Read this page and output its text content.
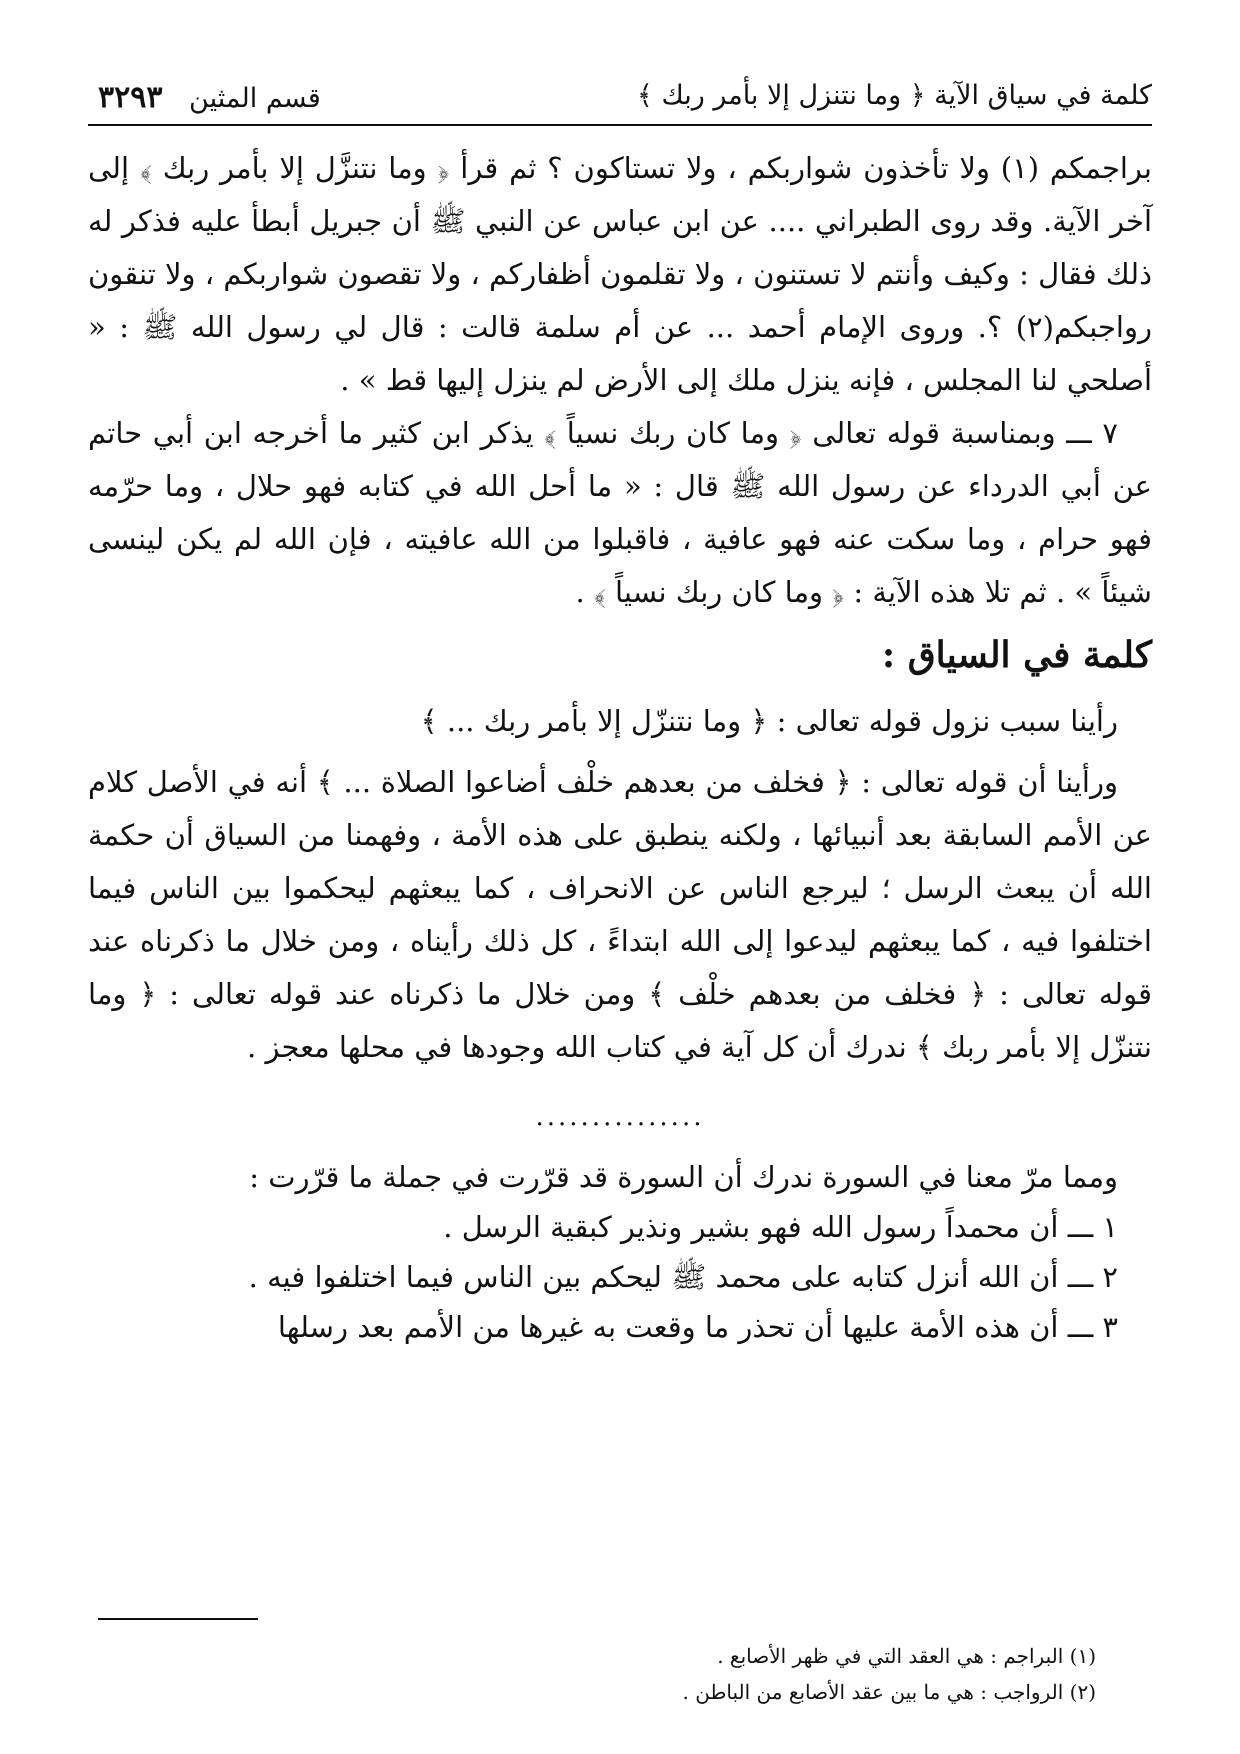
كلمة في سياق الآية ﴿ وما نتنزل إلا بأمر ربك ﴾
قسم المثين ٣٢٩٣

براجمكم (١) ولا تأخذون شواربكم ، ولا تستاكون ؟ ثم قرأ ﴿ وما نتنزَّل إلا بأمر ربك ﴾ إلى آخر الآية. وقد روى الطبراني .... عن ابن عباس عن النبي ﷺ أن جبريل أبطأ عليه فذكر له ذلك فقال : وكيف وأنتم لا تستنون ، ولا تقلمون أظفاركم ، ولا تقصون شواربكم ، ولا تنقون رواجبكم(٢) ؟. وروى الإمام أحمد ... عن أم سلمة قالت : قال لي رسول الله ﷺ : « أصلحي لنا المجلس ، فإنه ينزل ملك إلى الأرض لم ينزل إليها قط » .

٧ ـــ وبمناسبة قوله تعالى ﴿ وما كان ربك نسياً ﴾ يذكر ابن كثير ما أخرجه ابن أبي حاتم عن أبي الدرداء عن رسول الله ﷺ قال : « ما أحل الله في كتابه فهو حلال ، وما حرّمه فهو حرام ، وما سكت عنه فهو عافية ، فاقبلوا من الله عافيته ، فإن الله لم يكن لينسى شيئاً » . ثم تلا هذه الآية : ﴿ وما كان ربك نسياً ﴾ .

كلمة في السياق :

رأينا سبب نزول قوله تعالى : ﴿ وما نتنزّل إلا بأمر ربك ... ﴾

ورأينا أن قوله تعالى : ﴿ فخلف من بعدهم خلْف أضاعوا الصلاة ... ﴾ أنه في الأصل كلام عن الأمم السابقة بعد أنبيائها ، ولكنه ينطبق على هذه الأمة ، وفهمنا من السياق أن حكمة الله أن يبعث الرسل ؛ ليرجع الناس عن الانحراف ، كما يبعثهم ليحكموا بين الناس فيما اختلفوا فيه ، كما يبعثهم ليدعوا إلى الله ابتداءً ، كل ذلك رأيناه ، ومن خلال ما ذكرناه عند قوله تعالى : ﴿ فخلف من بعدهم خلْف ﴾ ومن خلال ما ذكرناه عند قوله تعالى : ﴿ وما نتنزّل إلا بأمر ربك ﴾ ندرك أن كل آية في كتاب الله وجودها في محلها معجز .

...............

ومما مرّ معنا في السورة ندرك أن السورة قد قرّرت في جملة ما قرّرت :

١ ـــ أن محمداً رسول الله فهو بشير ونذير كبقية الرسل .

٢ ـــ أن الله أنزل كتابه على محمد ﷺ ليحكم بين الناس فيما اختلفوا فيه .

٣ ـــ أن هذه الأمة عليها أن تحذر ما وقعت به غيرها من الأمم بعد رسلها

(١) البراجم : هي العقد التي في ظهر الأصابع .

(٢) الرواجب : هي ما بين عقد الأصابع من الباطن .
